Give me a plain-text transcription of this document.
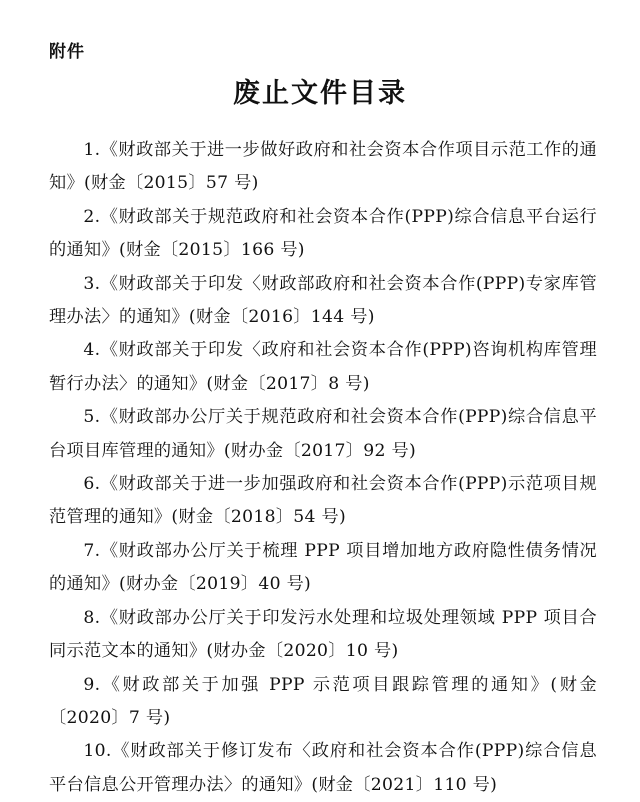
附件
废止文件目录
1.《财政部关于进一步做好政府和社会资本合作项目示范工作的通知》(财金〔2015〕57 号)
2.《财政部关于规范政府和社会资本合作(PPP)综合信息平台运行的通知》(财金〔2015〕166 号)
3.《财政部关于印发〈财政部政府和社会资本合作(PPP)专家库管理办法〉的通知》(财金〔2016〕144 号)
4.《财政部关于印发〈政府和社会资本合作(PPP)咨询机构库管理暂行办法〉的通知》(财金〔2017〕8 号)
5.《财政部办公厅关于规范政府和社会资本合作(PPP)综合信息平台项目库管理的通知》(财办金〔2017〕92 号)
6.《财政部关于进一步加强政府和社会资本合作(PPP)示范项目规范管理的通知》(财金〔2018〕54 号)
7.《财政部办公厅关于梳理 PPP 项目增加地方政府隐性债务情况的通知》(财办金〔2019〕40 号)
8.《财政部办公厅关于印发污水处理和垃圾处理领域 PPP 项目合同示范文本的通知》(财办金〔2020〕10 号)
9.《财政部关于加强 PPP 示范项目跟踪管理的通知》(财金〔2020〕7 号)
10.《财政部关于修订发布〈政府和社会资本合作(PPP)综合信息平台信息公开管理办法〉的通知》(财金〔2021〕110 号)
